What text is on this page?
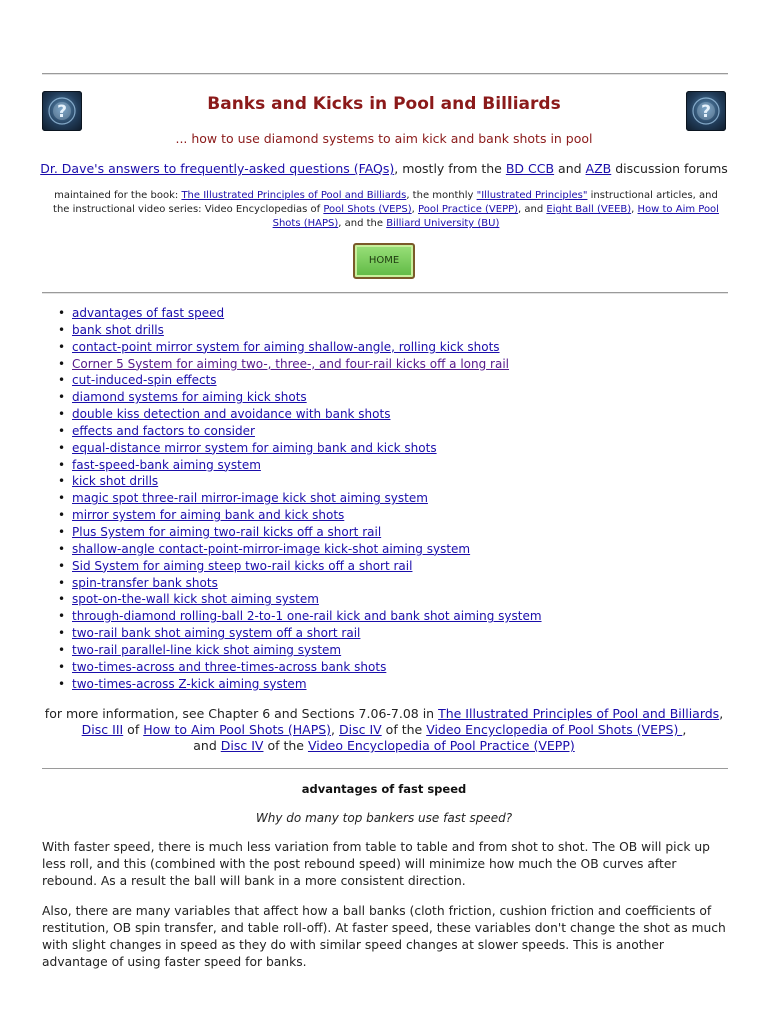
?	?
Banks and Kicks in Pool and Billiards
... how to use diamond systems to aim kick and bank shots in pool
Dr. Dave's answers to frequently-asked questions (FAQs), mostly from the BD CCB and AZB discussion forums
maintained for the book: The Illustrated Principles of Pool and Billiards, the monthly "Illustrated Principles" instructional articles, and the instructional video series: Video Encyclopedias of Pool Shots (VEPS), Pool Practice (VEPP), and Eight Ball (VEEB), How to Aim Pool Shots (HAPS), and the Billiard University (BU)
HOME
• advantages of fast speed
• bank shot drills
• contact-point mirror system for aiming shallow-angle, rolling kick shots
• Corner 5 System for aiming two-, three-, and four-rail kicks off a long rail
• cut-induced-spin effects
• diamond systems for aiming kick shots
• double kiss detection and avoidance with bank shots
• effects and factors to consider
• equal-distance mirror system for aiming bank and kick shots
• fast-speed-bank aiming system
• kick shot drills
• magic spot three-rail mirror-image kick shot aiming system
• mirror system for aiming bank and kick shots
• Plus System for aiming two-rail kicks off a short rail
• shallow-angle contact-point-mirror-image kick-shot aiming system
• Sid System for aiming steep two-rail kicks off a short rail
• spin-transfer bank shots
• spot-on-the-wall kick shot aiming system
• through-diamond rolling-ball 2-to-1 one-rail kick and bank shot aiming system
• two-rail bank shot aiming system off a short rail
• two-rail parallel-line kick shot aiming system
• two-times-across and three-times-across bank shots
• two-times-across Z-kick aiming system
for more information, see Chapter 6 and Sections 7.06-7.08 in The Illustrated Principles of Pool and Billiards,
Disc III of How to Aim Pool Shots (HAPS), Disc IV of the Video Encyclopedia of Pool Shots (VEPS) ,
and Disc IV of the Video Encyclopedia of Pool Practice (VEPP)
advantages of fast speed
Why do many top bankers use fast speed?

With faster speed, there is much less variation from table to table and from shot to shot. The OB will pick up less roll, and this (combined with the post rebound speed) will minimize how much the OB curves after rebound. As a result the ball will bank in a more consistent direction.

Also, there are many variables that affect how a ball banks (cloth friction, cushion friction and coefficients of restitution, OB spin transfer, and table roll-off). At faster speed, these variables don't change the shot as much with slight changes in speed as they do with similar speed changes at slower speeds. This is another advantage of using faster speed for banks.
